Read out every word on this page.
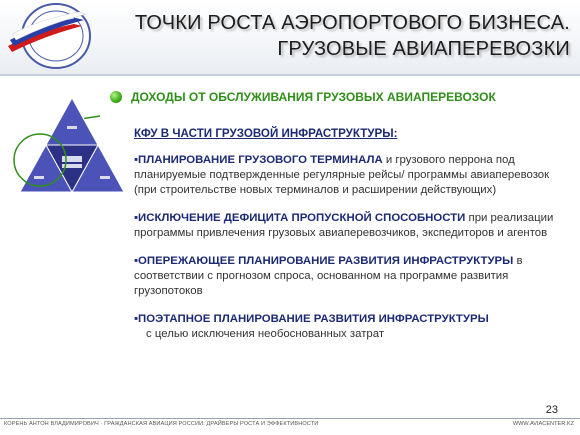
ТОЧКИ РОСТА АЭРОПОРТОВОГО БИЗНЕСА.
ГРУЗОВЫЕ АВИАПЕРЕВОЗКИ
ДОХОДЫ ОТ ОБСЛУЖИВАНИЯ ГРУЗОВЫХ АВИАПЕРЕВОЗОК
КФУ В ЧАСТИ ГРУЗОВОЙ ИНФРАСТРУКТУРЫ:
▪ПЛАНИРОВАНИЕ ГРУЗОВОГО ТЕРМИНАЛА и грузового перрона под планируемые подтвержденные регулярные рейсы/ программы авиаперевозок (при строительстве новых терминалов и расширении действующих)
▪ИСКЛЮЧЕНИЕ ДЕФИЦИТА ПРОПУСКНОЙ СПОСОБНОСТИ при реализации программы привлечения грузовых авиаперевозчиков, экспедиторов и агентов
▪ОПЕРЕЖАЮЩЕЕ ПЛАНИРОВАНИЕ РАЗВИТИЯ ИНФРАСТРУКТУРЫ в соответствии с прогнозом спроса, основанном на программе развития грузопотоков
▪ПОЭТАПНОЕ ПЛАНИРОВАНИЕ РАЗВИТИЯ ИНФРАСТРУКТУРЫ
с целью исключения необоснованных затрат
23
КОРЕНЬ АНТОН ВЛАДИМИРОВИЧ · ГРАЖДАНСКАЯ АВИАЦИЯ РОССИИ: ДРАЙВЕРЫ РОСТА И ЭФФЕКТИВНОСТИ	WWW.AVIACENTER.KZ
